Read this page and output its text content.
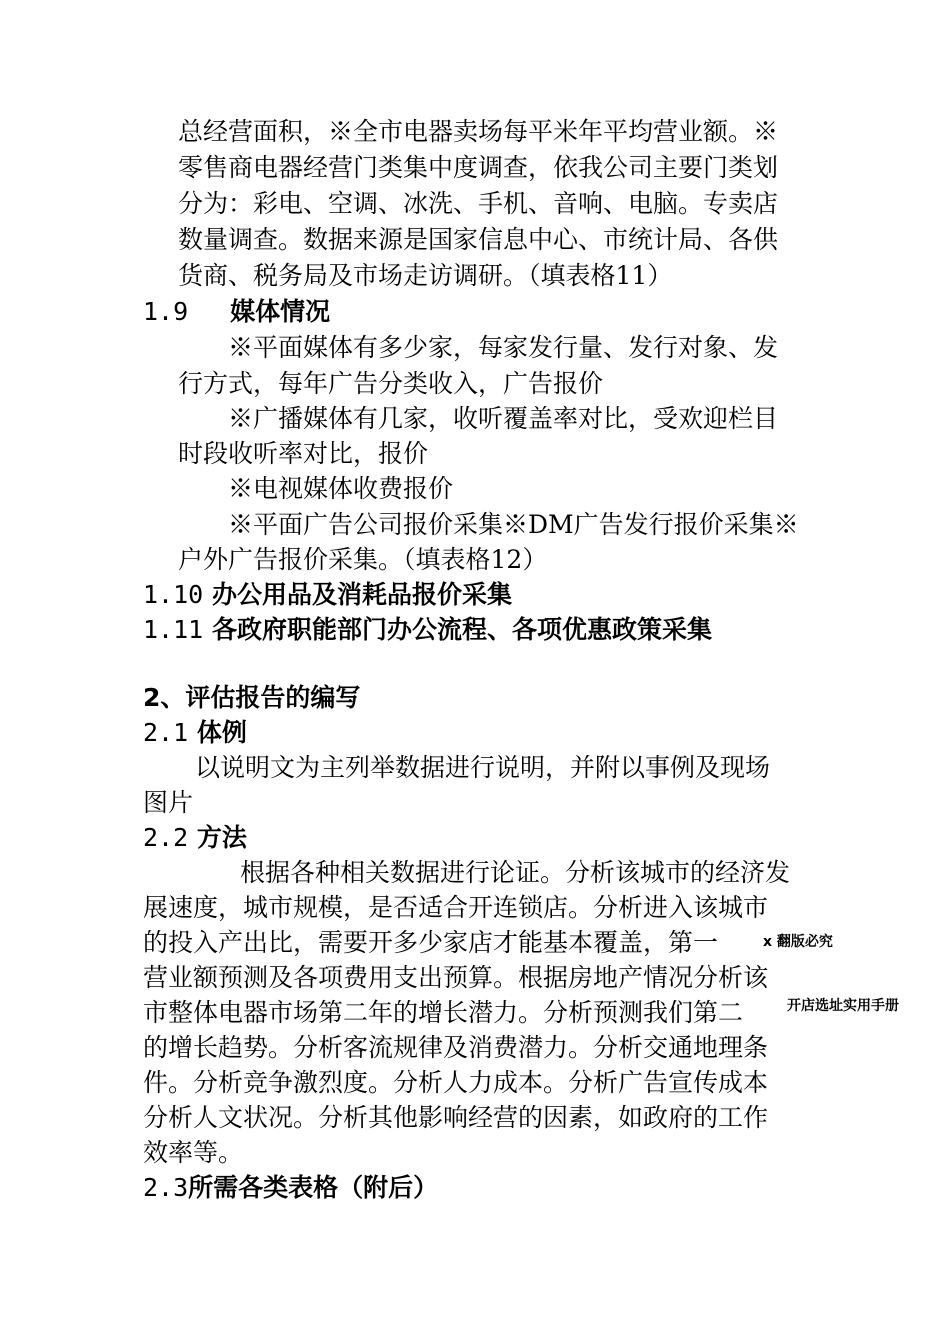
总经营面积，※全市电器卖场每平米年平均营业额。※
零售商电器经营门类集中度调查，依我公司主要门类划
分为：彩电、空调、冰洗、手机、音响、电脑。专卖店
数量调查。数据来源是国家信息中心、市统计局、各供
货商、税务局及市场走访调研。（填表格11）
1.9 媒体情况
※平面媒体有多少家，每家发行量、发行对象、发
行方式，每年广告分类收入，广告报价
※广播媒体有几家，收听覆盖率对比，受欢迎栏目
时段收听率对比，报价
※电视媒体收费报价
※平面广告公司报价采集※DM广告发行报价采集※
户外广告报价采集。（填表格12）
1.10 办公用品及消耗品报价采集
1.11 各政府职能部门办公流程、各项优惠政策采集
2、评估报告的编写
2.1 体例
以说明文为主列举数据进行说明，并附以事例及现场
图片
2.2 方法
根据各种相关数据进行论证。分析该城市的经济发
展速度，城市规模，是否适合开连锁店。分析进入该城市
的投入产出比，需要开多少家店才能基本覆盖，第一
营业额预测及各项费用支出预算。根据房地产情况分析该
市整体电器市场第二年的增长潜力。分析预测我们第二
的增长趋势。分析客流规律及消费潜力。分析交通地理条
件。分析竞争激烈度。分析人力成本。分析广告宣传成本
分析人文状况。分析其他影响经营的因素，如政府的工作
效率等。
2.3所需各类表格（附后）
x 翻版必究
开店选址实用手册
